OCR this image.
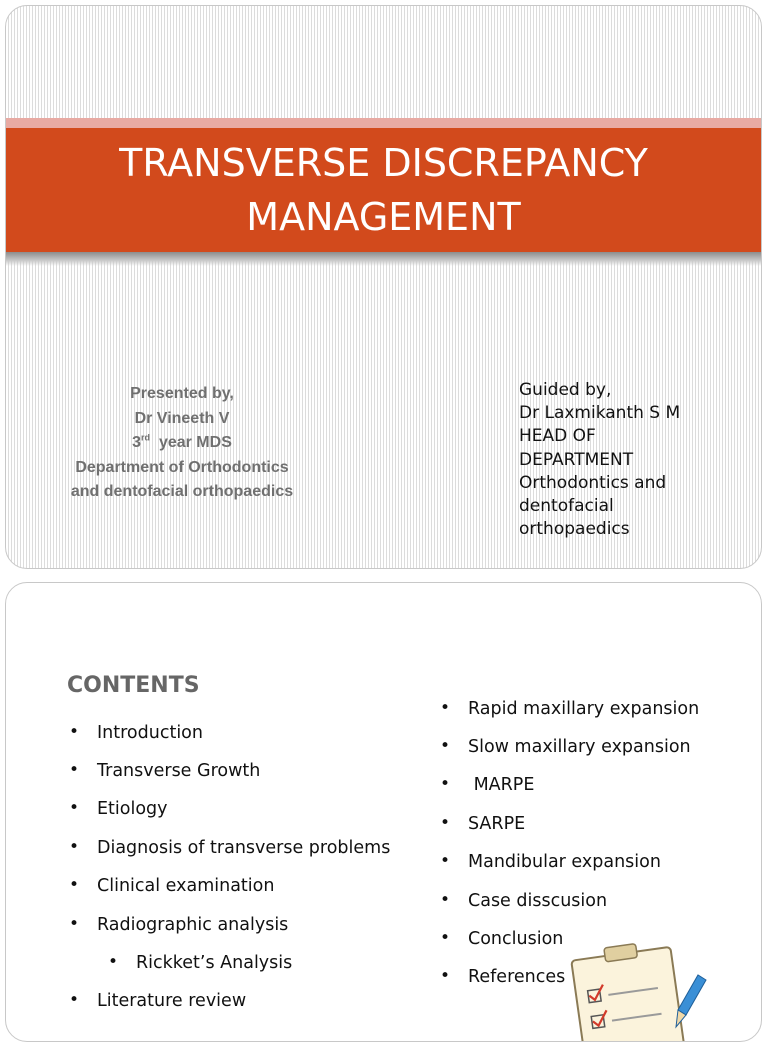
TRANSVERSE DISCREPANCY
MANAGEMENT
Presented by,
Dr Vineeth V
3rd  year MDS
Department of Orthodontics
and dentofacial orthopaedics
Guided by,
Dr Laxmikanth S M
HEAD OF
DEPARTMENT
Orthodontics and
dentofacial
orthopaedics
CONTENTS
• Introduction
• Transverse Growth
• Etiology
• Diagnosis of transverse problems
• Clinical examination
• Radiographic analysis
• Rickket’s Analysis
• Literature review
• Rapid maxillary expansion
• Slow maxillary expansion
• MARPE
• SARPE
• Mandibular expansion
• Case disscusion
• Conclusion
• References
